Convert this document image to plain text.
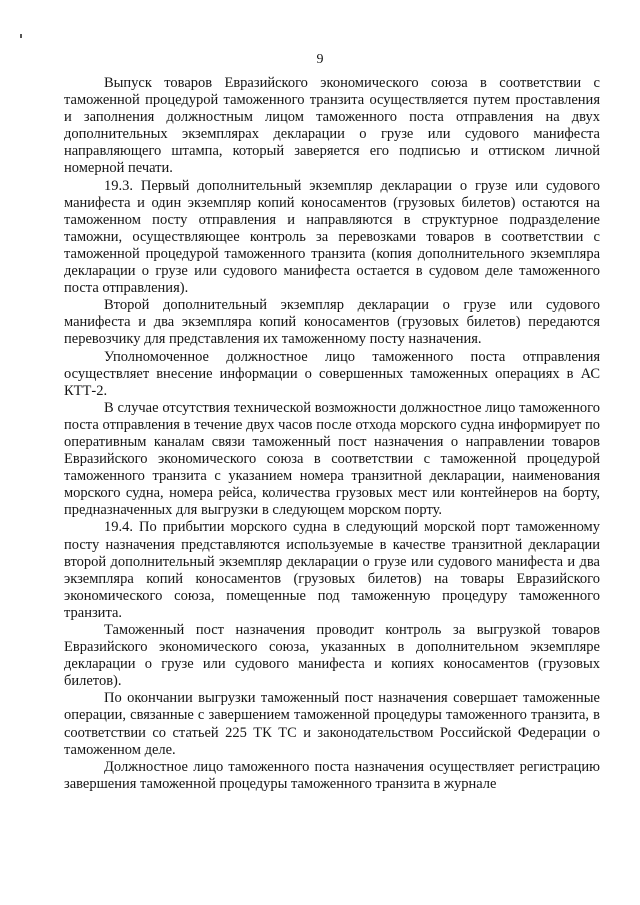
9

Выпуск товаров Евразийского экономического союза в соответствии с таможенной процедурой таможенного транзита осуществляется путем проставления и заполнения должностным лицом таможенного поста отправления на двух дополнительных экземплярах декларации о грузе или судового манифеста направляющего штампа, который заверяется его подписью и оттиском личной номерной печати.

19.3. Первый дополнительный экземпляр декларации о грузе или судового манифеста и один экземпляр копий коносаментов (грузовых билетов) остаются на таможенном посту отправления и направляются в структурное подразделение таможни, осуществляющее контроль за перевозками товаров в соответствии с таможенной процедурой таможенного транзита (копия дополнительного экземпляра декларации о грузе или судового манифеста остается в судовом деле таможенного поста отправления).

Второй дополнительный экземпляр декларации о грузе или судового манифеста и два экземпляра копий коносаментов (грузовых билетов) передаются перевозчику для представления их таможенному посту назначения.

Уполномоченное должностное лицо таможенного поста отправления осуществляет внесение информации о совершенных таможенных операциях в АС КТТ-2.

В случае отсутствия технической возможности должностное лицо таможенного поста отправления в течение двух часов после отхода морского судна информирует по оперативным каналам связи таможенный пост назначения о направлении товаров Евразийского экономического союза в соответствии с таможенной процедурой таможенного транзита с указанием номера транзитной декларации, наименования морского судна, номера рейса, количества грузовых мест или контейнеров на борту, предназначенных для выгрузки в следующем морском порту.

19.4. По прибытии морского судна в следующий морской порт таможенному посту назначения представляются используемые в качестве транзитной декларации второй дополнительный экземпляр декларации о грузе или судового манифеста и два экземпляра копий коносаментов (грузовых билетов) на товары Евразийского экономического союза, помещенные под таможенную процедуру таможенного транзита.

Таможенный пост назначения проводит контроль за выгрузкой товаров Евразийского экономического союза, указанных в дополнительном экземпляре декларации о грузе или судового манифеста и копиях коносаментов (грузовых билетов).

По окончании выгрузки таможенный пост назначения совершает таможенные операции, связанные с завершением таможенной процедуры таможенного транзита, в соответствии со статьей 225 ТК ТС и законодательством Российской Федерации о таможенном деле.

Должностное лицо таможенного поста назначения осуществляет регистрацию завершения таможенной процедуры таможенного транзита в журнале
